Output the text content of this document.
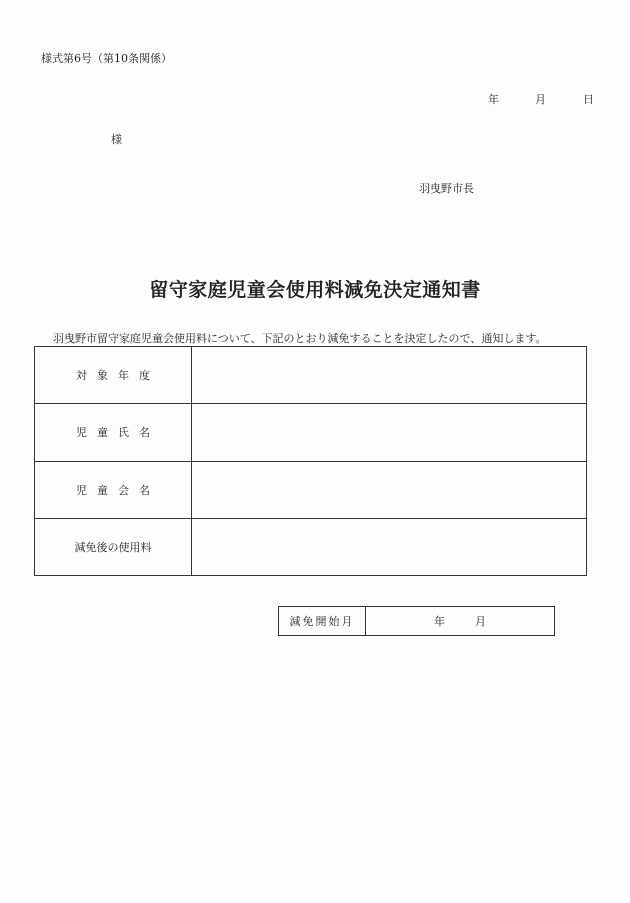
様式第6号（第10条関係）
年	月	日
様
羽曳野市長
留守家庭児童会使用料減免決定通知書
羽曳野市留守家庭児童会使用料について、下記のとおり減免することを決定したので、通知します。
対象年度	
児童氏名	
児童会名	
減免後の使用料	
減免開始月	年	月
